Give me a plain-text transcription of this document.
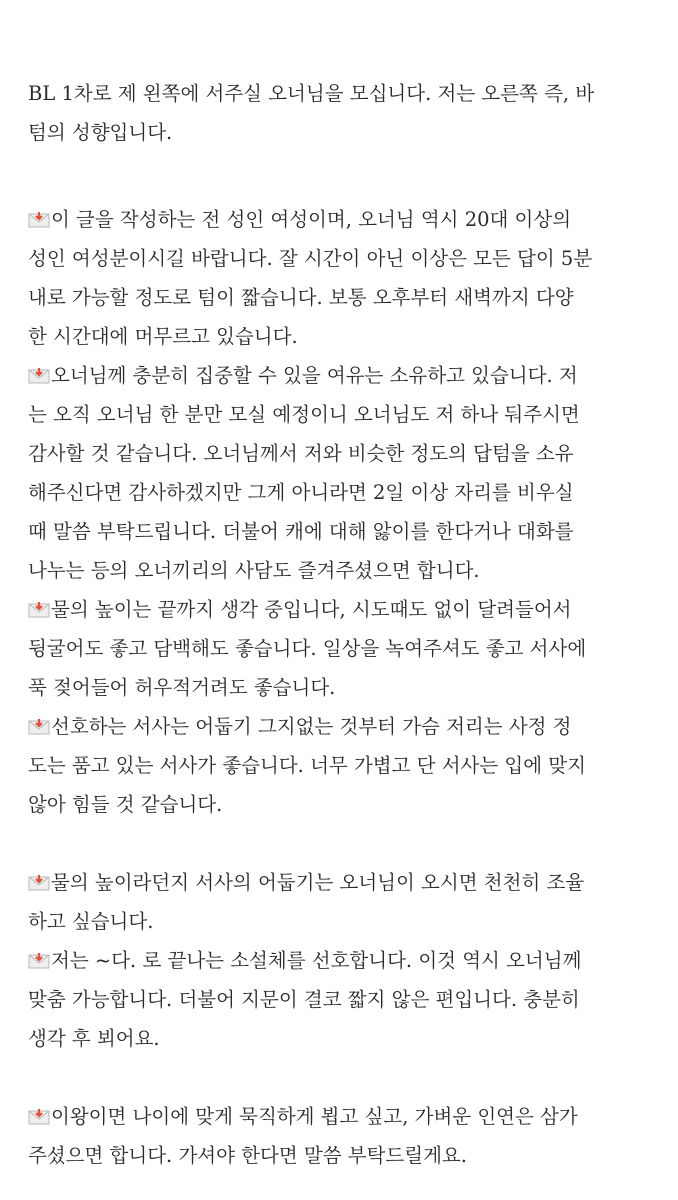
BL 1차로 제 왼쪽에 서주실 오너님을 모십니다. 저는 오른쪽 즉, 바
텀의 성향입니다.
이 글을 작성하는 전 성인 여성이며, 오너님 역시 20대 이상의
성인 여성분이시길 바랍니다. 잘 시간이 아닌 이상은 모든 답이 5분
내로 가능할 정도로 텀이 짧습니다. 보통 오후부터 새벽까지 다양
한 시간대에 머무르고 있습니다.
오너님께 충분히 집중할 수 있을 여유는 소유하고 있습니다. 저
는 오직 오너님 한 분만 모실 예정이니 오너님도 저 하나 둬주시면
감사할 것 같습니다. 오너님께서 저와 비슷한 정도의 답텀을 소유
해주신다면 감사하겠지만 그게 아니라면 2일 이상 자리를 비우실
때 말씀 부탁드립니다. 더불어 캐에 대해 앓이를 한다거나 대화를
나누는 등의 오너끼리의 사담도 즐겨주셨으면 합니다.
물의 높이는 끝까지 생각 중입니다, 시도때도 없이 달려들어서
뒹굴어도 좋고 담백해도 좋습니다. 일상을 녹여주셔도 좋고 서사에
푹 젖어들어 허우적거려도 좋습니다.
선호하는 서사는 어둡기 그지없는 것부터 가슴 저리는 사정 정
도는 품고 있는 서사가 좋습니다. 너무 가볍고 단 서사는 입에 맞지
않아 힘들 것 같습니다.
물의 높이라던지 서사의 어둡기는 오너님이 오시면 천천히 조율
하고 싶습니다.
저는 ~다. 로 끝나는 소설체를 선호합니다. 이것 역시 오너님께
맞춤 가능합니다. 더불어 지문이 결코 짧지 않은 편입니다. 충분히
생각 후 뵈어요.
이왕이면 나이에 맞게 묵직하게 뵙고 싶고, 가벼운 인연은 삼가
주셨으면 합니다. 가셔야 한다면 말씀 부탁드릴게요.
